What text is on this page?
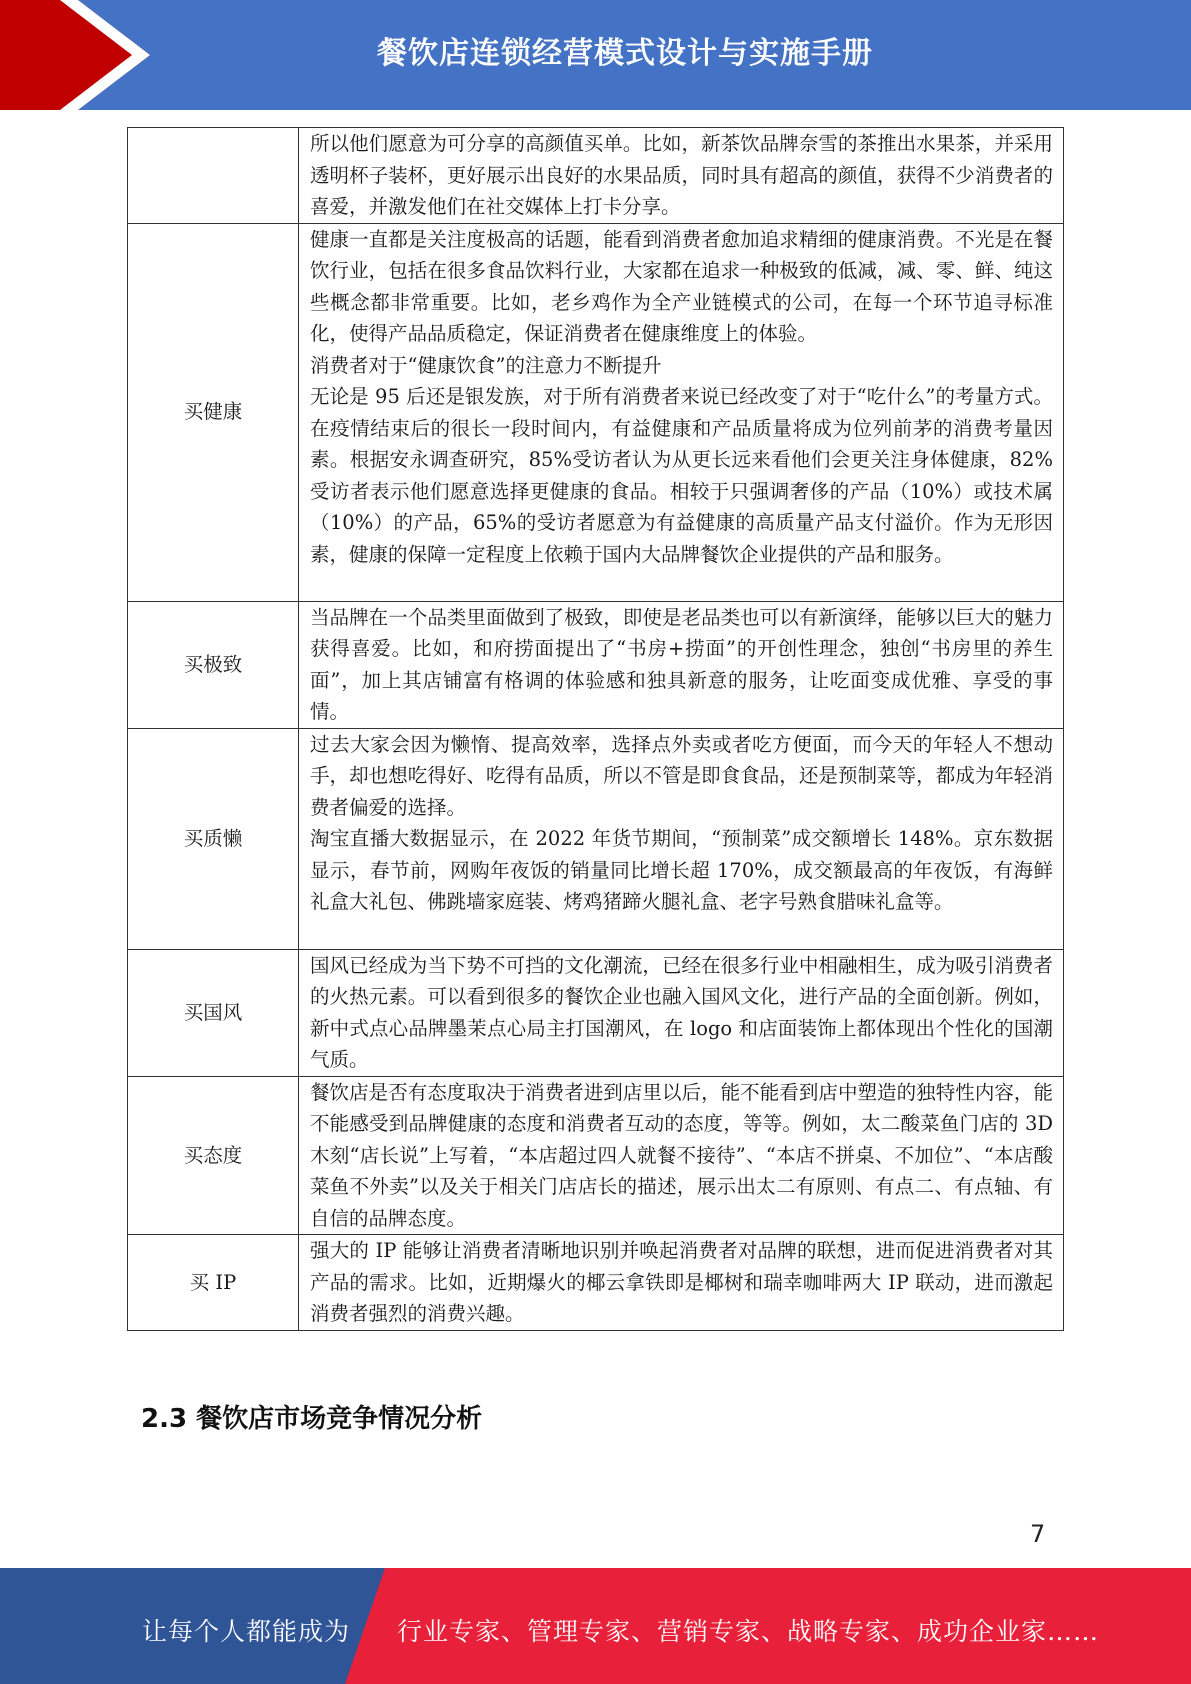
餐饮店连锁经营模式设计与实施手册

	所以他们愿意为可分享的高颜值买单。比如，新茶饮品牌奈雪的茶推出水果茶，并采用透明杯子装杯，更好展示出良好的水果品质，同时具有超高的颜值，获得不少消费者的喜爱，并激发他们在社交媒体上打卡分享。

买健康	健康一直都是关注度极高的话题，能看到消费者愈加追求精细的健康消费。不光是在餐饮行业，包括在很多食品饮料行业，大家都在追求一种极致的低减，减、零、鲜、纯这些概念都非常重要。比如，老乡鸡作为全产业链模式的公司，在每一个环节追寻标准化，使得产品品质稳定，保证消费者在健康维度上的体验。

消费者对于“健康饮食”的注意力不断提升

无论是 95 后还是银发族，对于所有消费者来说已经改变了对于“吃什么”的考量方式。在疫情结束后的很长一段时间内，有益健康和产品质量将成为位列前茅的消费考量因素。根据安永调查研究，85%受访者认为从更长远来看他们会更关注身体健康，82%受访者表示他们愿意选择更健康的食品。相较于只强调奢侈的产品（10%）或技术属（10%）的产品，65%的受访者愿意为有益健康的高质量产品支付溢价。作为无形因素，健康的保障一定程度上依赖于国内大品牌餐饮企业提供的产品和服务。

买极致	当品牌在一个品类里面做到了极致，即使是老品类也可以有新演绎，能够以巨大的魅力获得喜爱。比如，和府捞面提出了“书房+捞面”的开创性理念，独创“书房里的养生面”，加上其店铺富有格调的体验感和独具新意的服务，让吃面变成优雅、享受的事情。

买质懒	过去大家会因为懒惰、提高效率，选择点外卖或者吃方便面，而今天的年轻人不想动手，却也想吃得好、吃得有品质，所以不管是即食食品，还是预制菜等，都成为年轻消费者偏爱的选择。

淘宝直播大数据显示，在 2022 年货节期间，“预制菜”成交额增长 148%。京东数据显示，春节前，网购年夜饭的销量同比增长超 170%，成交额最高的年夜饭，有海鲜礼盒大礼包、佛跳墙家庭装、烤鸡猪蹄火腿礼盒、老字号熟食腊味礼盒等。

买国风	国风已经成为当下势不可挡的文化潮流，已经在很多行业中相融相生，成为吸引消费者的火热元素。可以看到很多的餐饮企业也融入国风文化，进行产品的全面创新。例如，新中式点心品牌墨茉点心局主打国潮风，在 logo 和店面装饰上都体现出个性化的国潮气质。

买态度	餐饮店是否有态度取决于消费者进到店里以后，能不能看到店中塑造的独特性内容，能不能感受到品牌健康的态度和消费者互动的态度，等等。例如，太二酸菜鱼门店的 3D 木刻“店长说”上写着，“本店超过四人就餐不接待”、“本店不拼桌、不加位”、“本店酸菜鱼不外卖”以及关于相关门店店长的描述，展示出太二有原则、有点二、有点轴、有自信的品牌态度。

买 IP	强大的 IP 能够让消费者清晰地识别并唤起消费者对品牌的联想，进而促进消费者对其产品的需求。比如，近期爆火的椰云拿铁即是椰树和瑞幸咖啡两大 IP 联动，进而激起消费者强烈的消费兴趣。

2.3 餐饮店市场竞争情况分析
7
让每个人都能成为 行业专家、管理专家、营销专家、战略专家、成功企业家……
